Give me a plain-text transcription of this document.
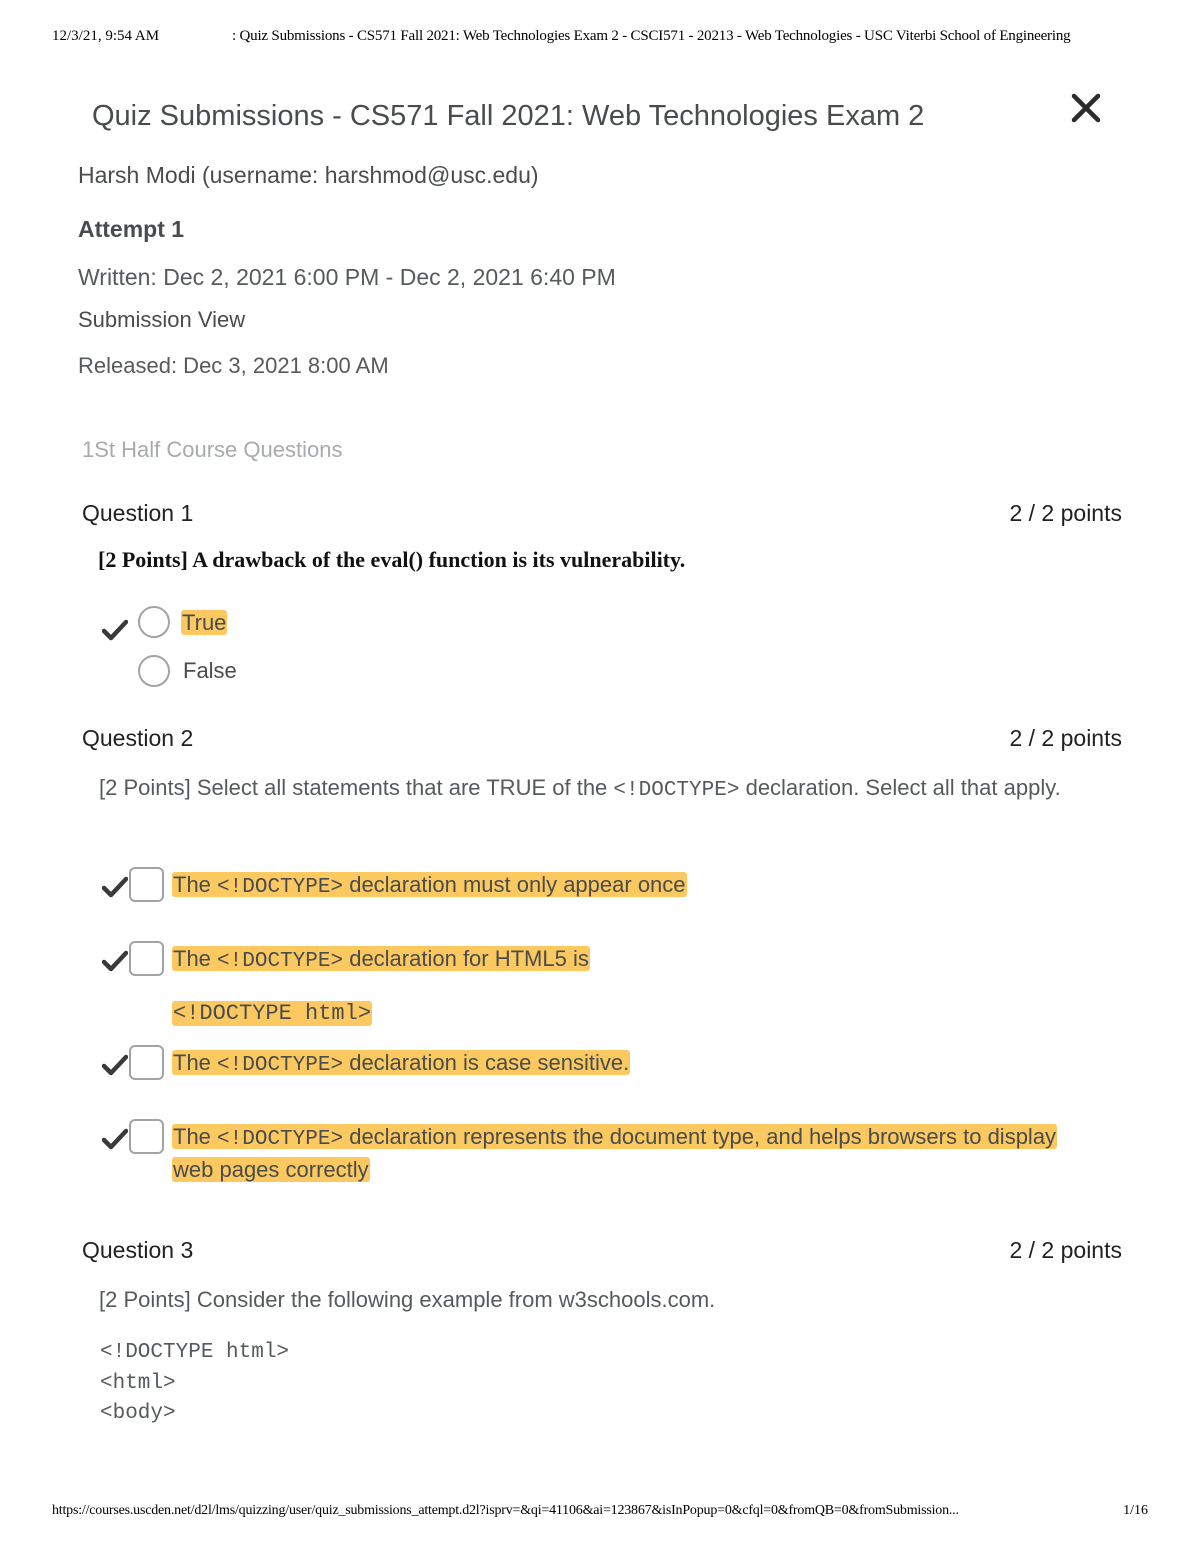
12/3/21, 9:54 AM	: Quiz Submissions - CS571 Fall 2021: Web Technologies Exam 2 - CSCI571 - 20213 - Web Technologies - USC Viterbi School of Engineering
Quiz Submissions - CS571 Fall 2021: Web Technologies Exam 2
Harsh Modi (username: harshmod@usc.edu)
Attempt 1
Written: Dec 2, 2021 6:00 PM - Dec 2, 2021 6:40 PM
Submission View
Released: Dec 3, 2021 8:00 AM
1St Half Course Questions
Question 1	2 / 2 points
[2 Points] A drawback of the eval() function is its vulnerability.
True
False
Question 2	2 / 2 points
[2 Points] Select all statements that are TRUE of the <!DOCTYPE> declaration. Select all that apply.
The <!DOCTYPE> declaration must only appear once
The <!DOCTYPE> declaration for HTML5 is
<!DOCTYPE html>
The <!DOCTYPE> declaration is case sensitive.
The <!DOCTYPE> declaration represents the document type, and helps browsers to display web pages correctly
Question 3	2 / 2 points
[2 Points] Consider the following example from w3schools.com.
<!DOCTYPE html>
<html>
<body>
https://courses.uscden.net/d2l/lms/quizzing/user/quiz_submissions_attempt.d2l?isprv=&qi=41106&ai=123867&isInPopup=0&cfql=0&fromQB=0&fromSubmission...	1/16
